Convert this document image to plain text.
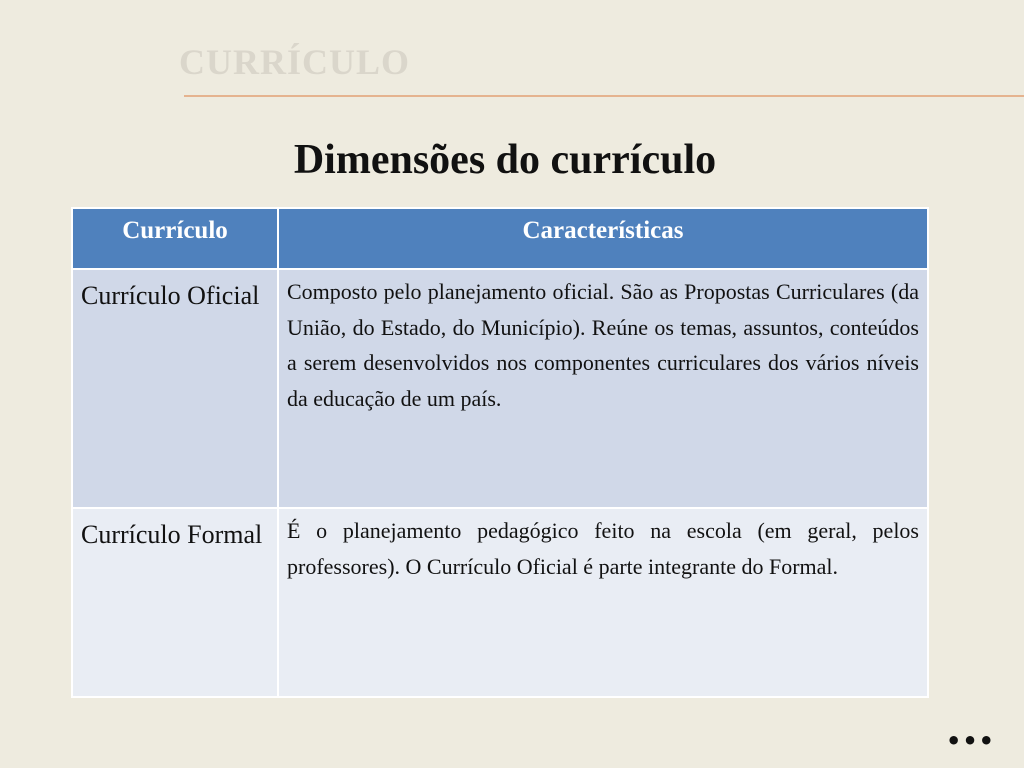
CURRÍCULO
Dimensões do currículo
Currículo	Características
Currículo Oficial	Composto pelo planejamento oficial. São as Propostas Curriculares (da União, do Estado, do Município). Reúne os temas, assuntos, conteúdos a serem desenvolvidos nos componentes curriculares dos vários níveis da educação de um país.
Currículo Formal	É o planejamento pedagógico feito na escola (em geral, pelos professores). O Currículo Oficial é parte integrante do Formal.
•••
